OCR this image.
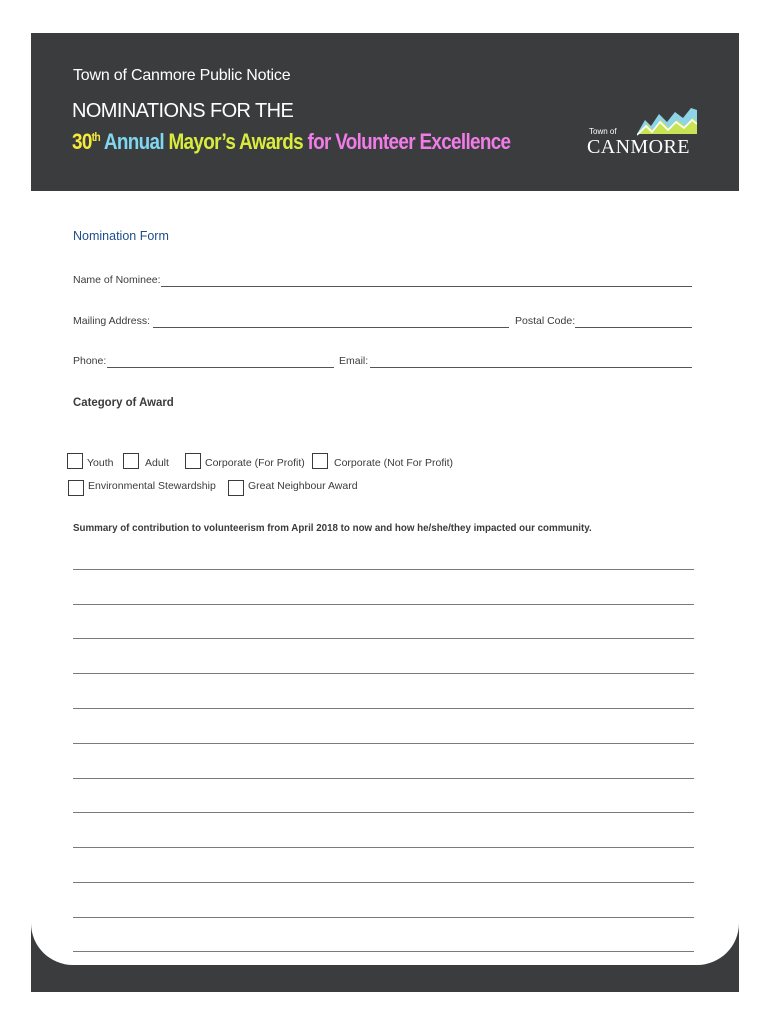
Town of Canmore Public Notice
NOMINATIONS FOR THE
30th Annual Mayor’s Awards for Volunteer Excellence	Town of
CANMORE
Nomination Form
Name of Nominee:
Mailing Address:	Postal Code:
Phone:	Email:
Category of Award
Youth	Adult	Corporate (For Profit)	Corporate (Not For Profit)
Environmental Stewardship	Great Neighbour Award
Summary of contribution to volunteerism from April 2018 to now and how he/she/they impacted our community.
